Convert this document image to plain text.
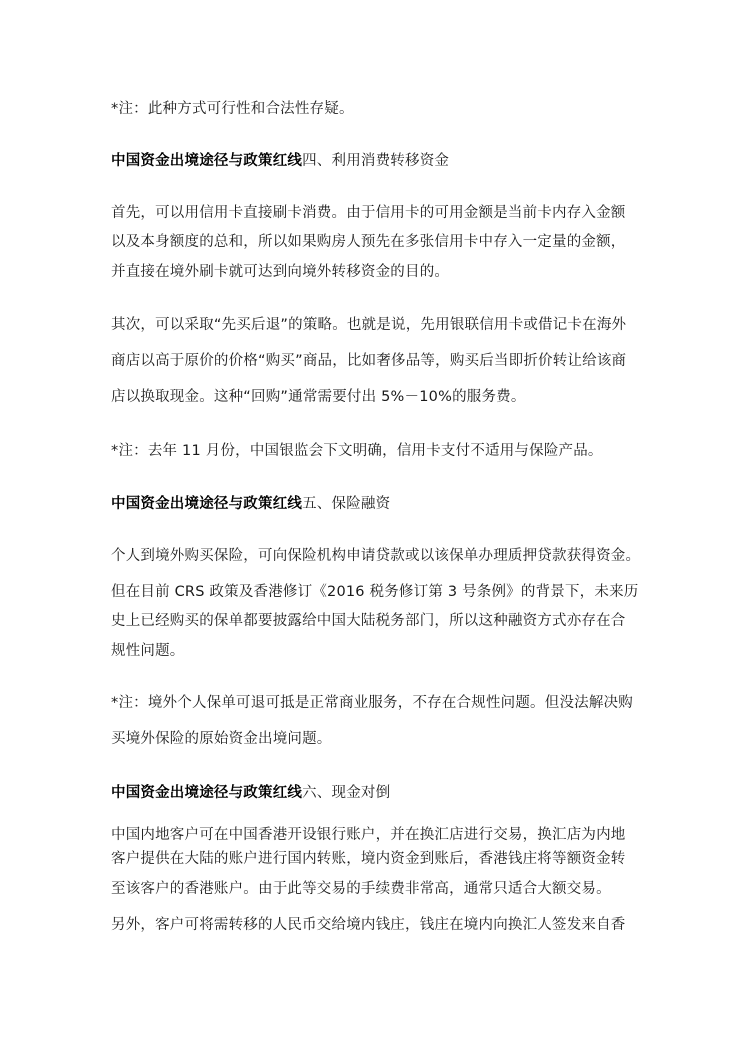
*注：此种方式可行性和合法性存疑。
中国资金出境途径与政策红线四、利用消费转移资金
首先，可以用信用卡直接刷卡消费。由于信用卡的可用金额是当前卡内存入金额
以及本身额度的总和，所以如果购房人预先在多张信用卡中存入一定量的金额，
并直接在境外刷卡就可达到向境外转移资金的目的。
其次，可以采取“先买后退”的策略。也就是说，先用银联信用卡或借记卡在海外
商店以高于原价的价格“购买”商品，比如奢侈品等，购买后当即折价转让给该商
店以换取现金。这种“回购”通常需要付出 5%－10%的服务费。
*注：去年 11 月份，中国银监会下文明确，信用卡支付不适用与保险产品。
中国资金出境途径与政策红线五、保险融资
个人到境外购买保险，可向保险机构申请贷款或以该保单办理质押贷款获得资金。
但在目前 CRS 政策及香港修订《2016 税务修订第 3 号条例》的背景下，未来历
史上已经购买的保单都要披露给中国大陆税务部门，所以这种融资方式亦存在合
规性问题。
*注：境外个人保单可退可抵是正常商业服务，不存在合规性问题。但没法解决购
买境外保险的原始资金出境问题。
中国资金出境途径与政策红线六、现金对倒
中国内地客户可在中国香港开设银行账户，并在换汇店进行交易，换汇店为内地
客户提供在大陆的账户进行国内转账，境内资金到账后，香港钱庄将等额资金转
至该客户的香港账户。由于此等交易的手续费非常高，通常只适合大额交易。
另外，客户可将需转移的人民币交给境内钱庄，钱庄在境内向换汇人签发来自香
